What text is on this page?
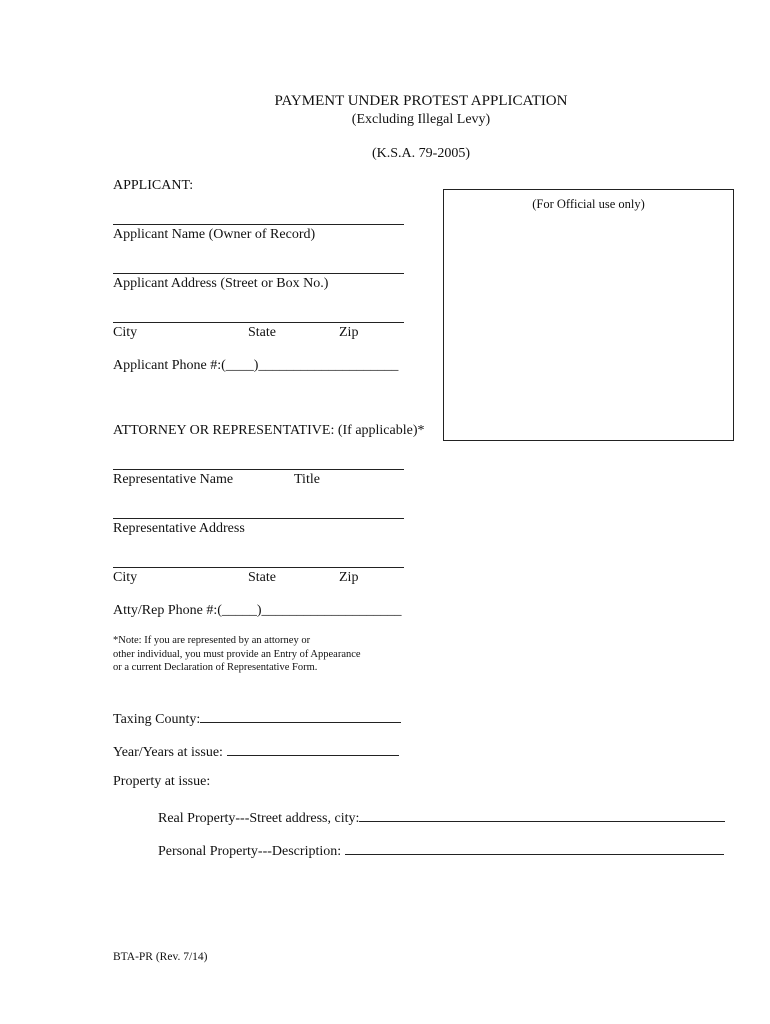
PAYMENT UNDER PROTEST APPLICATION
(Excluding Illegal Levy)
(K.S.A. 79-2005)
APPLICANT:
Applicant Name (Owner of Record)
Applicant Address (Street or Box No.)
City	State	Zip
Applicant Phone #:(____)____________________
(For Official use only)
ATTORNEY OR REPRESENTATIVE: (If applicable)*
Representative Name	Title
Representative Address
City	State	Zip
Atty/Rep Phone #:(_____)____________________
*Note: If you are represented by an attorney or
other individual, you must provide an Entry of Appearance
or a current Declaration of Representative Form.
Taxing County:
Year/Years at issue:
Property at issue:
Real Property---Street address, city:
Personal Property---Description:
BTA-PR (Rev. 7/14)
